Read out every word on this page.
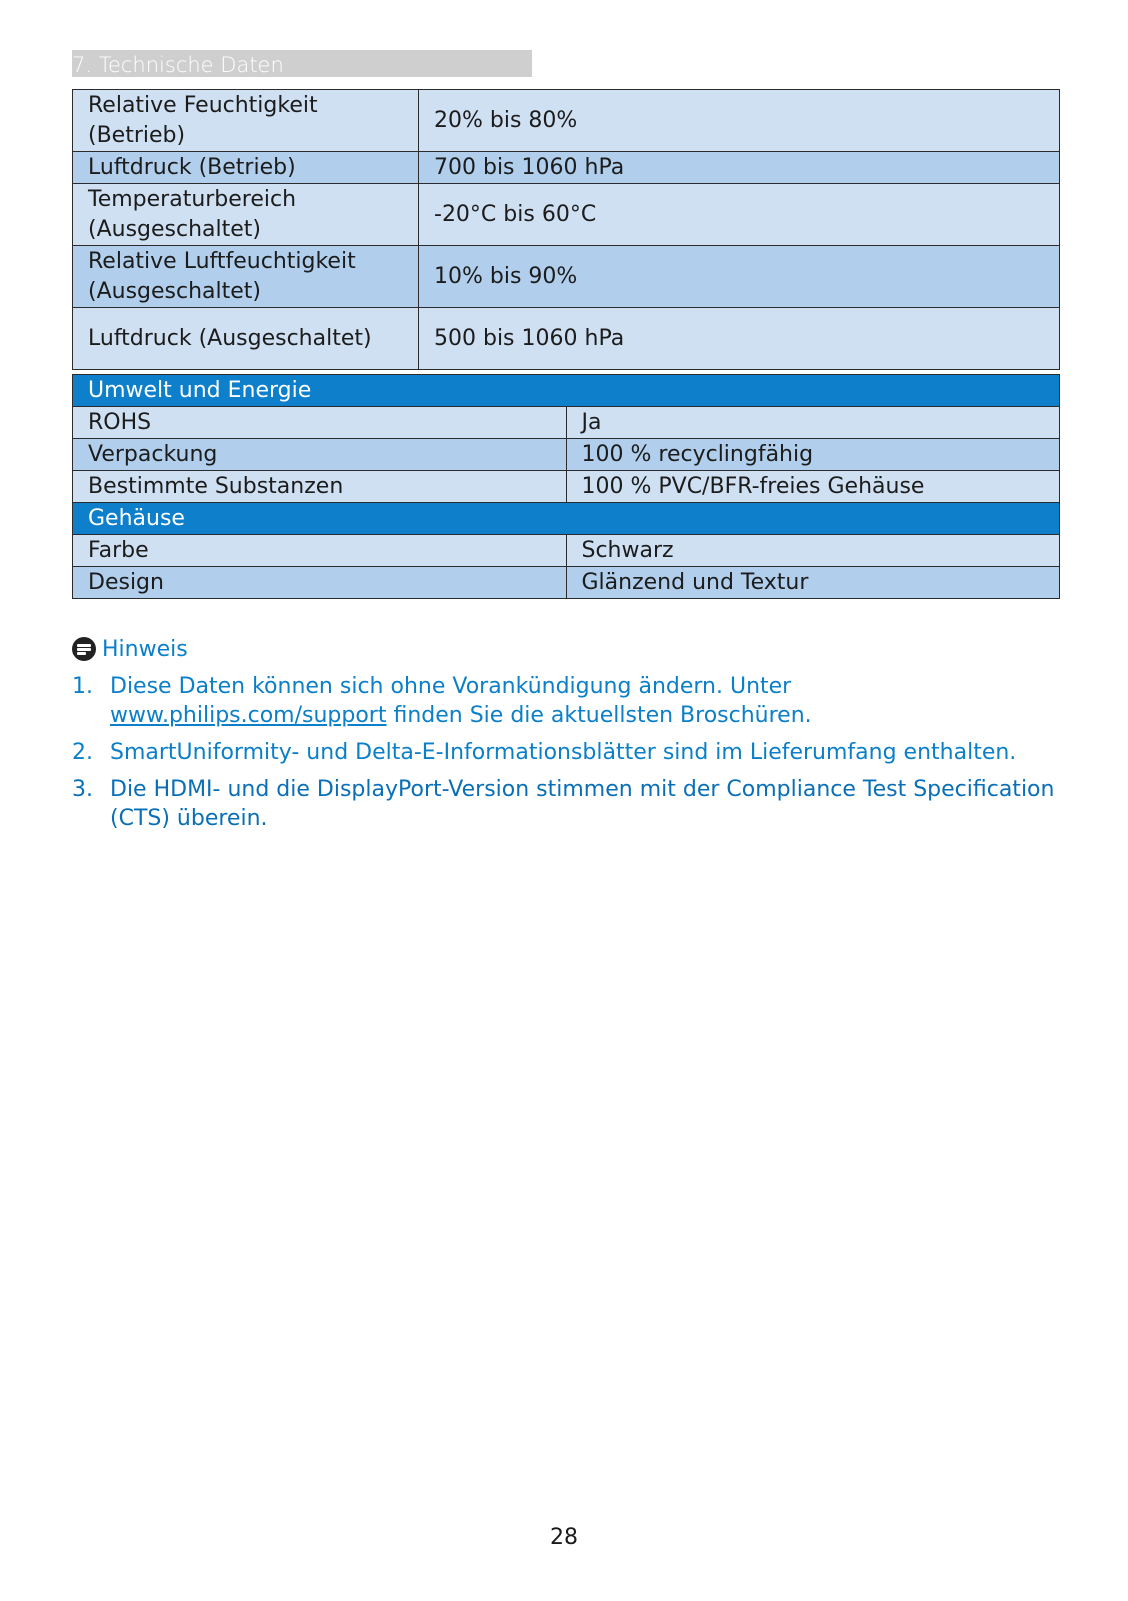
7. Technische Daten
Relative Feuchtigkeit (Betrieb)	20% bis 80%
Luftdruck (Betrieb)	700 bis 1060 hPa
Temperaturbereich (Ausgeschaltet)	-20°C bis 60°C
Relative Luftfeuchtigkeit (Ausgeschaltet)	10% bis 90%
Luftdruck (Ausgeschaltet)	500 bis 1060 hPa
Umwelt und Energie	
ROHS	Ja
Verpackung	100 % recyclingfähig
Bestimmte Substanzen	100 % PVC/BFR-freies Gehäuse
Gehäuse	
Farbe	Schwarz
Design	Glänzend und Textur
Hinweis
1. Diese Daten können sich ohne Vorankündigung ändern. Unter www.philips.com/support finden Sie die aktuellsten Broschüren.
2. SmartUniformity- und Delta-E-Informationsblätter sind im Lieferumfang enthalten.
3. Die HDMI- und die DisplayPort-Version stimmen mit der Compliance Test Specification (CTS) überein.
28
